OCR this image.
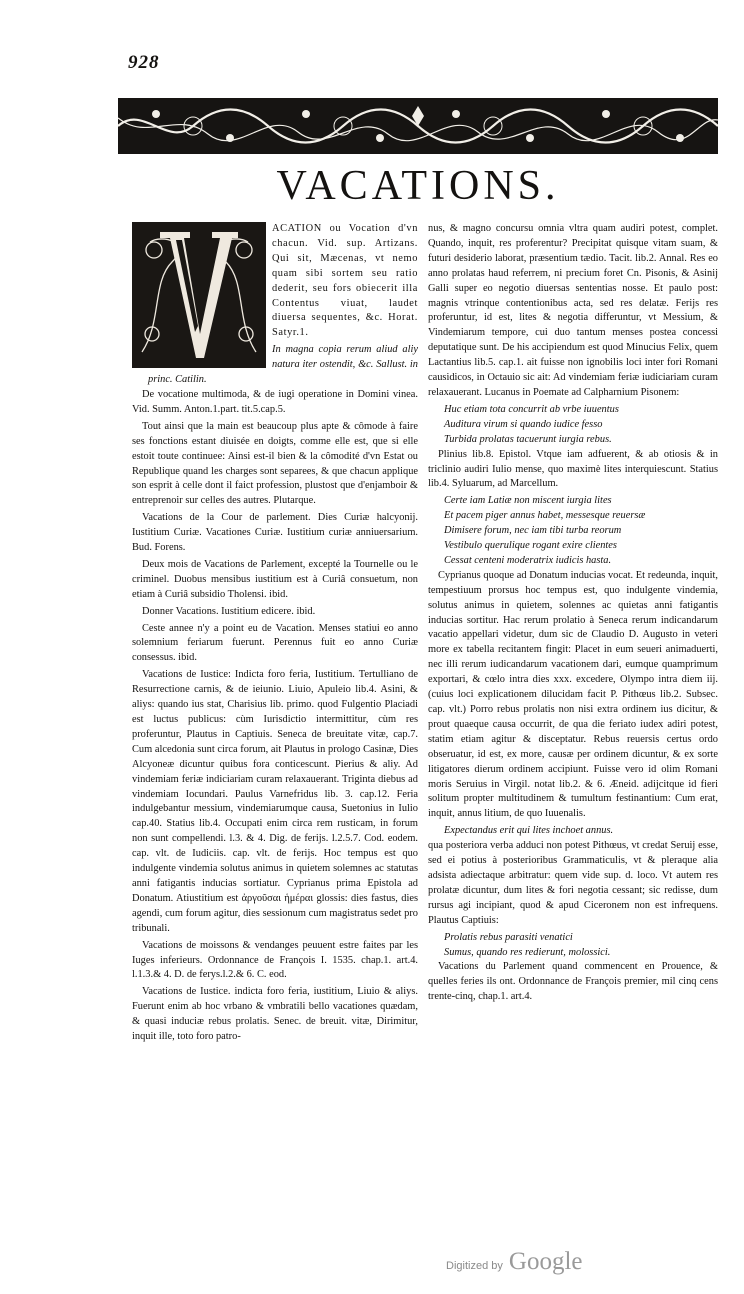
928
VACATIONS.

ACATION ou Vocation d'vn chacun. Vid. sup. Artizans. Qui sit, Mæcenas, vt nemo quam sibi sortem seu ratio dederit, seu fors obiecerit illa Contentus viuat, laudet diuersa sequentes, &c. Horat. Satyr.1.

In magna copia rerum aliud aliy natura iter ostendit, &c. Sallust. in princ. Catilin.

De vocatione multimoda, & de iugi operatione in Domini vinea. Vid. Summ. Anton.1.part. tit.5.cap.5.

Tout ainsi que la main est beaucoup plus apte & cômode à faire ses fonctions estant diuisée en doigts, comme elle est, que si elle estoit toute continuee: Ainsi est-il bien & la cômodité d'vn Estat ou Republique quand les charges sont separees, & que chacun applique son esprit à celle dont il faict profession, plustost que d'enjamboir & entreprenoir sur celles des autres. Plutarque.

Vacations de la Cour de parlement. Dies Curiæ halcyonij. Iustitium Curiæ. Vacationes Curiæ. Iustitium curiæ anniuersarium. Bud. Forens.

Deux mois de Vacations de Parlement, excepté la Tournelle ou le criminel. Duobus mensibus iustitium est à Curiâ consuetum, non etiam à Curiâ subsidio Tholensi. ibid.

Donner Vacations. Iustitium edicere. ibid.

Ceste annee n'y a point eu de Vacation. Menses statiui eo anno solemnium feriarum fuerunt. Perennus fuit eo anno Curiæ consessus. ibid.

Vacations de Iustice: Indicta foro feria, Iustitium. Tertulliano de Resurrectione carnis, & de ieiunio. Liuio, Apuleio lib.4. Asini, & aliys: quando ius stat, Charisius lib. primo. quod Fulgentio Placiadi est luctus publicus: cùm Iurisdictio intermittitur, cùm res proferuntur, Plautus in Captiuis. Seneca de breuitate vitæ, cap.7. Cum alcedonia sunt circa forum, ait Plautus in prologo Casinæ, Dies Alcyoneæ dicuntur quibus fora conticescunt. Pierius & aliy. Ad vindemiam feriæ indiciariam curam relaxauerant. Triginta diebus ad vindemiam Iocundari. Paulus Varnefridus lib. 3. cap.12. Feria indulgebantur messium, vindemiarumque causa, Suetonius in Iulio cap.40. Statius lib.4. Occupati enim circa rem rusticam, in forum non sunt compellendi. l.3. & 4. Dig. de ferijs. l.2.5.7. Cod. eodem. cap. vlt. de Iudiciis. cap. vlt. de ferijs. Hoc tempus est quo indulgente vindemia solutus animus in quietem solemnes ac statutas anni fatigantis inducias sortiatur. Cyprianus prima Epistola ad Donatum. Atiustitium est ἀργοῦσαι ἡμέραι glossis: dies fastus, dies agendi, cum forum agitur, dies sessionum cum magistratus sedet pro tribunali.

Vacations de moissons & vendanges peuuent estre faites par les Iuges inferieurs. Ordonnance de François I. 1535. chap.1. art.4. l.1.3.& 4. D. de ferys.l.2.& 6. C. eod.

Vacations de Iustice. indicta foro feria, iustitium, Liuio & aliys. Fuerunt enim ab hoc vrbano & vmbratili bello vacationes quædam, & quasi induciæ rebus prolatis. Senec. de breuit. vitæ, Dirimitur, inquit ille, toto foro patro-

nus, & magno concursu omnia vltra quam audiri potest, complet. Quando, inquit, res proferentur? Precipitat quisque vitam suam, & futuri desiderio laborat, præsentium tædio. Tacit. lib.2. Annal. Res eo anno prolatas haud referrem, ni precium foret Cn. Pisonis, & Asinij Galli super eo negotio diuersas sententias nosse. Et paulo post: magnis vtrinque contentionibus acta, sed res delatæ. Ferijs res proferuntur, id est, lites & negotia differuntur, vt Messium, & Vindemiarum tempore, cui duo tantum menses postea concessi deputatique sunt. De his accipiendum est quod Minucius Felix, quem Lactantius lib.5. cap.1. ait fuisse non ignobilis loci inter fori Romani causidicos, in Octauio sic ait: Ad vindemiam feriæ iudiciariam curam relaxauerant. Lucanus in Poemate ad Calpharnium Pisonem:

Huc etiam tota concurrit ab vrbe iuuentus

Auditura virum si quando iudice fesso

Turbida prolatas tacuerunt iurgia rebus.

Plinius lib.8. Epistol. Vtque iam adfuerent, & ab otiosis & in triclinio audiri Iulio mense, quo maximè lites interquiescunt. Statius lib.4. Syluarum, ad Marcellum.

Certe iam Latiæ non miscent iurgia lites

Et pacem piger annus habet, messesque reuersæ

Dimisere forum, nec iam tibi turba reorum

Vestibulo querulique rogant exire clientes

Cessat centeni moderatrix iudicis hasta.

Cyprianus quoque ad Donatum inducias vocat. Et redeunda, inquit, tempestiuum prorsus hoc tempus est, quo indulgente vindemia, solutus animus in quietem, solennes ac quietas anni fatigantis inducias sortitur. Hac rerum prolatio à Seneca rerum indicandarum vacatio appellari videtur, dum sic de Claudio D. Augusto in veteri more ex tabella recitantem fingit: Placet in eum seueri animaduerti, nec illi rerum iudicandarum vacationem dari, eumque quamprimum exportari, & cœlo intra dies xxx. excedere, Olympo intra diem iij. (cuius loci explicationem dilucidam facit P. Pithœus lib.2. Subsec. cap. vlt.) Porro rebus prolatis non nisi extra ordinem ius dicitur, & prout quaeque causa occurrit, de qua die feriato iudex adiri potest, statim etiam agitur & disceptatur. Rebus reuersis certus ordo obseruatur, id est, ex more, causæ per ordinem dicuntur, & ex sorte litigatores dierum ordinem accipiunt. Fuisse vero id olim Romani moris Seruius in Virgil. notat lib.2. & 6. Æneid. adijcitque id fieri solitum propter multitudinem & tumultum festinantium: Cum erat, inquit, annus litium, de quo Iuuenalis.

Expectandus erit qui lites inchoet annus.

qua posteriora verba adduci non potest Pithœus, vt credat Seruij esse, sed ei potius à posterioribus Grammaticulis, vt & pleraque alia adsista adiectaque arbitratur: quem vide sup. d. loco. Vt autem res prolatæ dicuntur, dum lites & fori negotia cessant; sic redisse, dum rursus agi incipiant, quod & apud Ciceronem non est infrequens. Plautus Captiuis:

Prolatis rebus parasiti venatici

Sumus, quando res redierunt, molossici.

Vacations du Parlement quand commencent en Prouence, & quelles feries ils ont. Ordonnance de François premier, mil cinq cens trente-cinq, chap.1. art.4.

Digitized by Google
